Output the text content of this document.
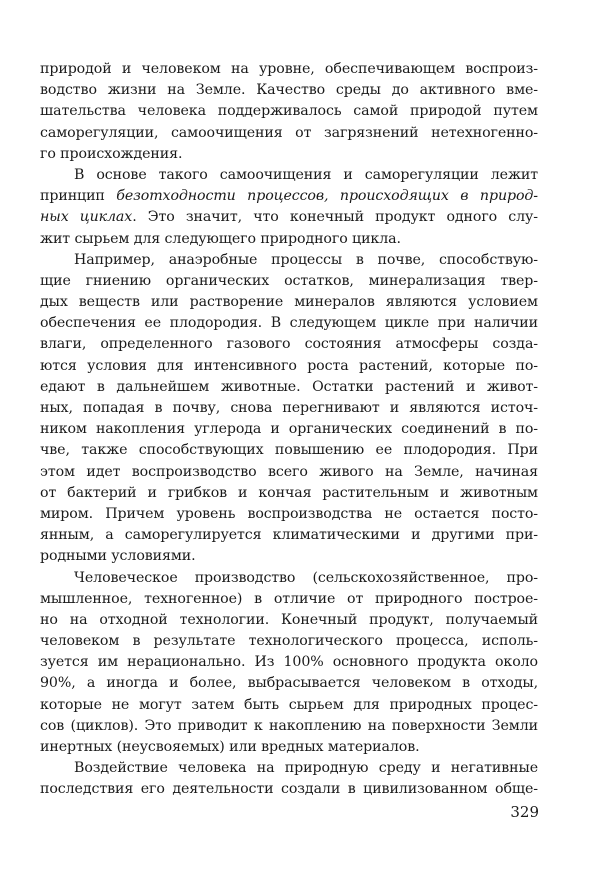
природой и человеком на уровне, обеспечивающем воспроиз-
водство жизни на Земле. Качество среды до активного вме-
шательства человека поддерживалось самой природой путем
саморегуляции, самоочищения от загрязнений нетехногенно-
го происхождения.
В основе такого самоочищения и саморегуляции лежит
принцип безотходности процессов, происходящих в природ-
ных циклах. Это значит, что конечный продукт одного слу-
жит сырьем для следующего природного цикла.
Например, анаэробные процессы в почве, способствую-
щие гниению органических остатков, минерализация твер-
дых веществ или растворение минералов являются условием
обеспечения ее плодородия. В следующем цикле при наличии
влаги, определенного газового состояния атмосферы созда-
ются условия для интенсивного роста растений, которые по-
едают в дальнейшем животные. Остатки растений и живот-
ных, попадая в почву, снова перегнивают и являются источ-
ником накопления углерода и органических соединений в по-
чве, также способствующих повышению ее плодородия. При
этом идет воспроизводство всего живого на Земле, начиная
от бактерий и грибков и кончая растительным и животным
миром. Причем уровень воспроизводства не остается посто-
янным, а саморегулируется климатическими и другими при-
родными условиями.
Человеческое производство (сельскохозяйственное, про-
мышленное, техногенное) в отличие от природного построе-
но на отходной технологии. Конечный продукт, получаемый
человеком в результате технологического процесса, исполь-
зуется им нерационально. Из 100% основного продукта около
90%, а иногда и более, выбрасывается человеком в отходы,
которые не могут затем быть сырьем для природных процес-
сов (циклов). Это приводит к накоплению на поверхности Земли
инертных (неусвояемых) или вредных материалов.
Воздействие человека на природную среду и негативные
последствия его деятельности создали в цивилизованном обще-
329
